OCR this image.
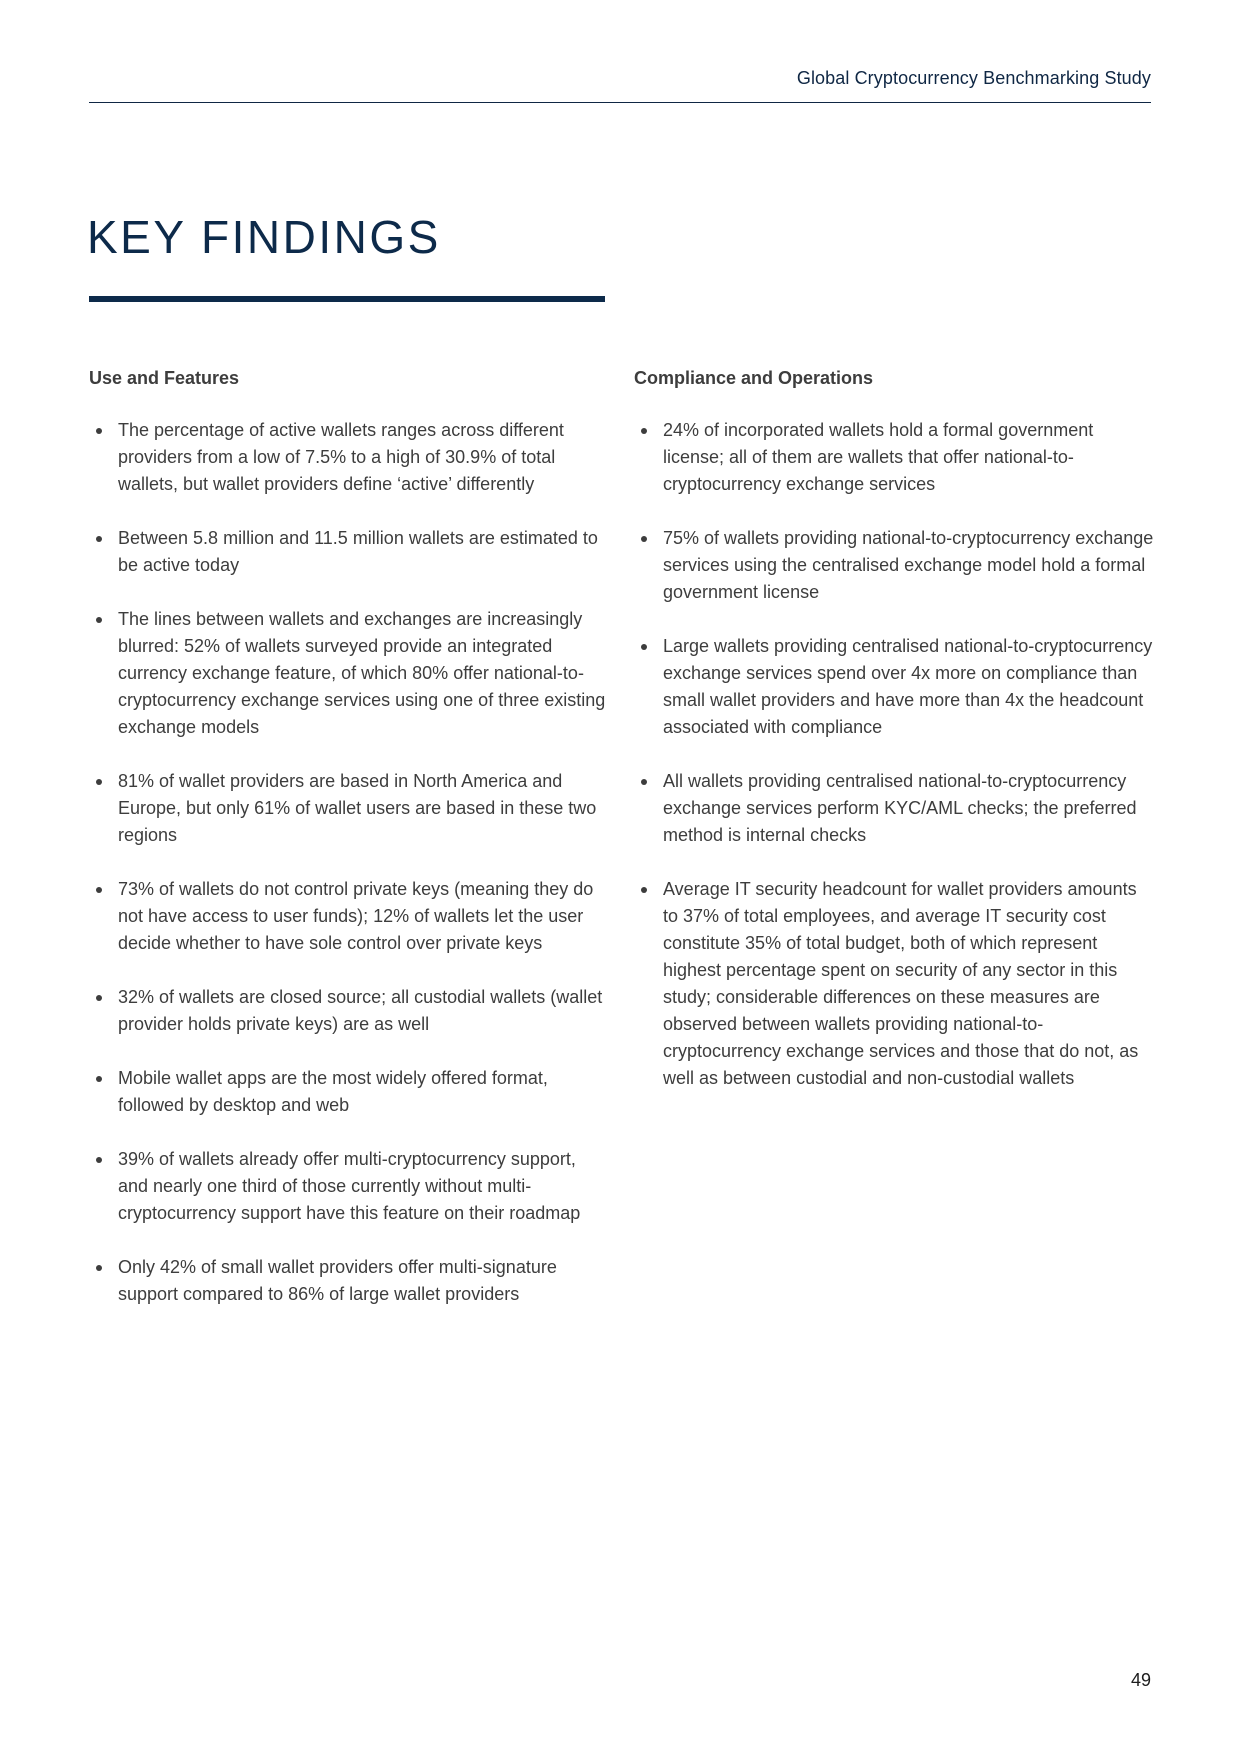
Global Cryptocurrency Benchmarking Study
KEY FINDINGS
Use and Features
The percentage of active wallets ranges across different providers from a low of 7.5% to a high of 30.9% of total wallets, but wallet providers define ‘active’ differently
Between 5.8 million and 11.5 million wallets are estimated to be active today
The lines between wallets and exchanges are increasingly blurred: 52% of wallets surveyed provide an integrated currency exchange feature, of which 80% offer national-to-cryptocurrency exchange services using one of three existing exchange models
81% of wallet providers are based in North America and Europe, but only 61% of wallet users are based in these two regions
73% of wallets do not control private keys (meaning they do not have access to user funds); 12% of wallets let the user decide whether to have sole control over private keys
32% of wallets are closed source; all custodial wallets (wallet provider holds private keys) are as well
Mobile wallet apps are the most widely offered format, followed by desktop and web
39% of wallets already offer multi-cryptocurrency support, and nearly one third of those currently without multi-cryptocurrency support have this feature on their roadmap
Only 42% of small wallet providers offer multi-signature support compared to 86% of large wallet providers
Compliance and Operations
24% of incorporated wallets hold a formal government license; all of them are wallets that offer national-to-cryptocurrency exchange services
75% of wallets providing national-to-cryptocurrency exchange services using the centralised exchange model hold a formal government license
Large wallets providing centralised national-to-cryptocurrency exchange services spend over 4x more on compliance than small wallet providers and have more than 4x the headcount associated with compliance
All wallets providing centralised national-to-cryptocurrency exchange services perform KYC/AML checks; the preferred method is internal checks
Average IT security headcount for wallet providers amounts to 37% of total employees, and average IT security cost constitute 35% of total budget, both of which represent highest percentage spent on security of any sector in this study; considerable differences on these measures are observed between wallets providing national-to-cryptocurrency exchange services and those that do not, as well as between custodial and non-custodial wallets
49
